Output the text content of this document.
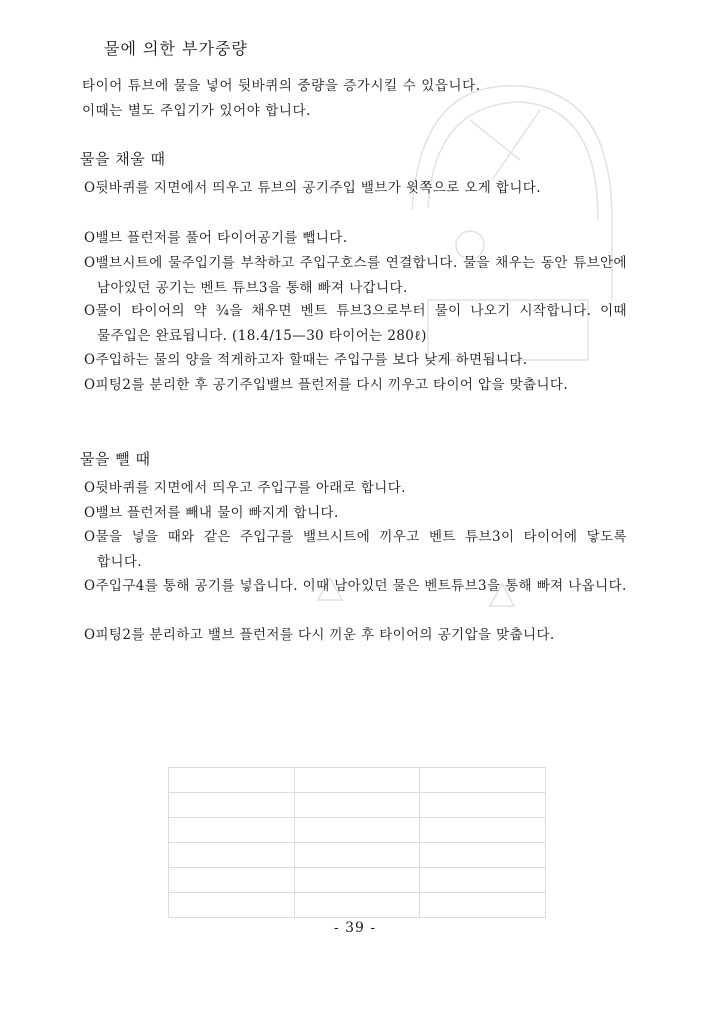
물에 의한 부가중량
타이어 튜브에 물을 넣어 뒷바퀴의 중량을 증가시킬 수 있읍니다.
이때는 별도 주입기가 있어야 합니다.
물을 채울 때
O뒷바퀴를 지면에서 띄우고 튜브의 공기주입 밸브가 윗쪽으로 오게 합니다.
O밸브 플런저를 풀어 타이어공기를 뺍니다.
O밸브시트에 물주입기를 부착하고 주입구호스를 연결합니다. 물을 채우는 동안 튜브안에 남아있던 공기는 벤트 튜브3을 통해 빠져 나갑니다.
O물이 타이어의 약 ¾을 채우면 벤트 튜브3으로부터 물이 나오기 시작합니다. 이때 물주입은 완료됩니다. (18.4/15—30 타이어는 280ℓ)
O주입하는 물의 양을 적게하고자 할때는 주입구를 보다 낮게 하면됩니다.
O피팅2를 분리한 후 공기주입밸브 플런저를 다시 끼우고 타이어 압을 맞춥니다.
물을 뺄 때
O뒷바퀴를 지면에서 띄우고 주입구를 아래로 합니다.
O밸브 플런저를 빼내 물이 빠지게 합니다.
O물을 넣을 때와 같은 주입구를 밸브시트에 끼우고 벤트 튜브3이 타이어에 닿도록 합니다.
O주입구4를 통해 공기를 넣읍니다. 이때 남아있던 물은 벤트튜브3을 통해 빠져 나옵니다.
O피팅2를 분리하고 밸브 플런저를 다시 끼운 후 타이어의 공기압을 맞춥니다.
- 39 -
